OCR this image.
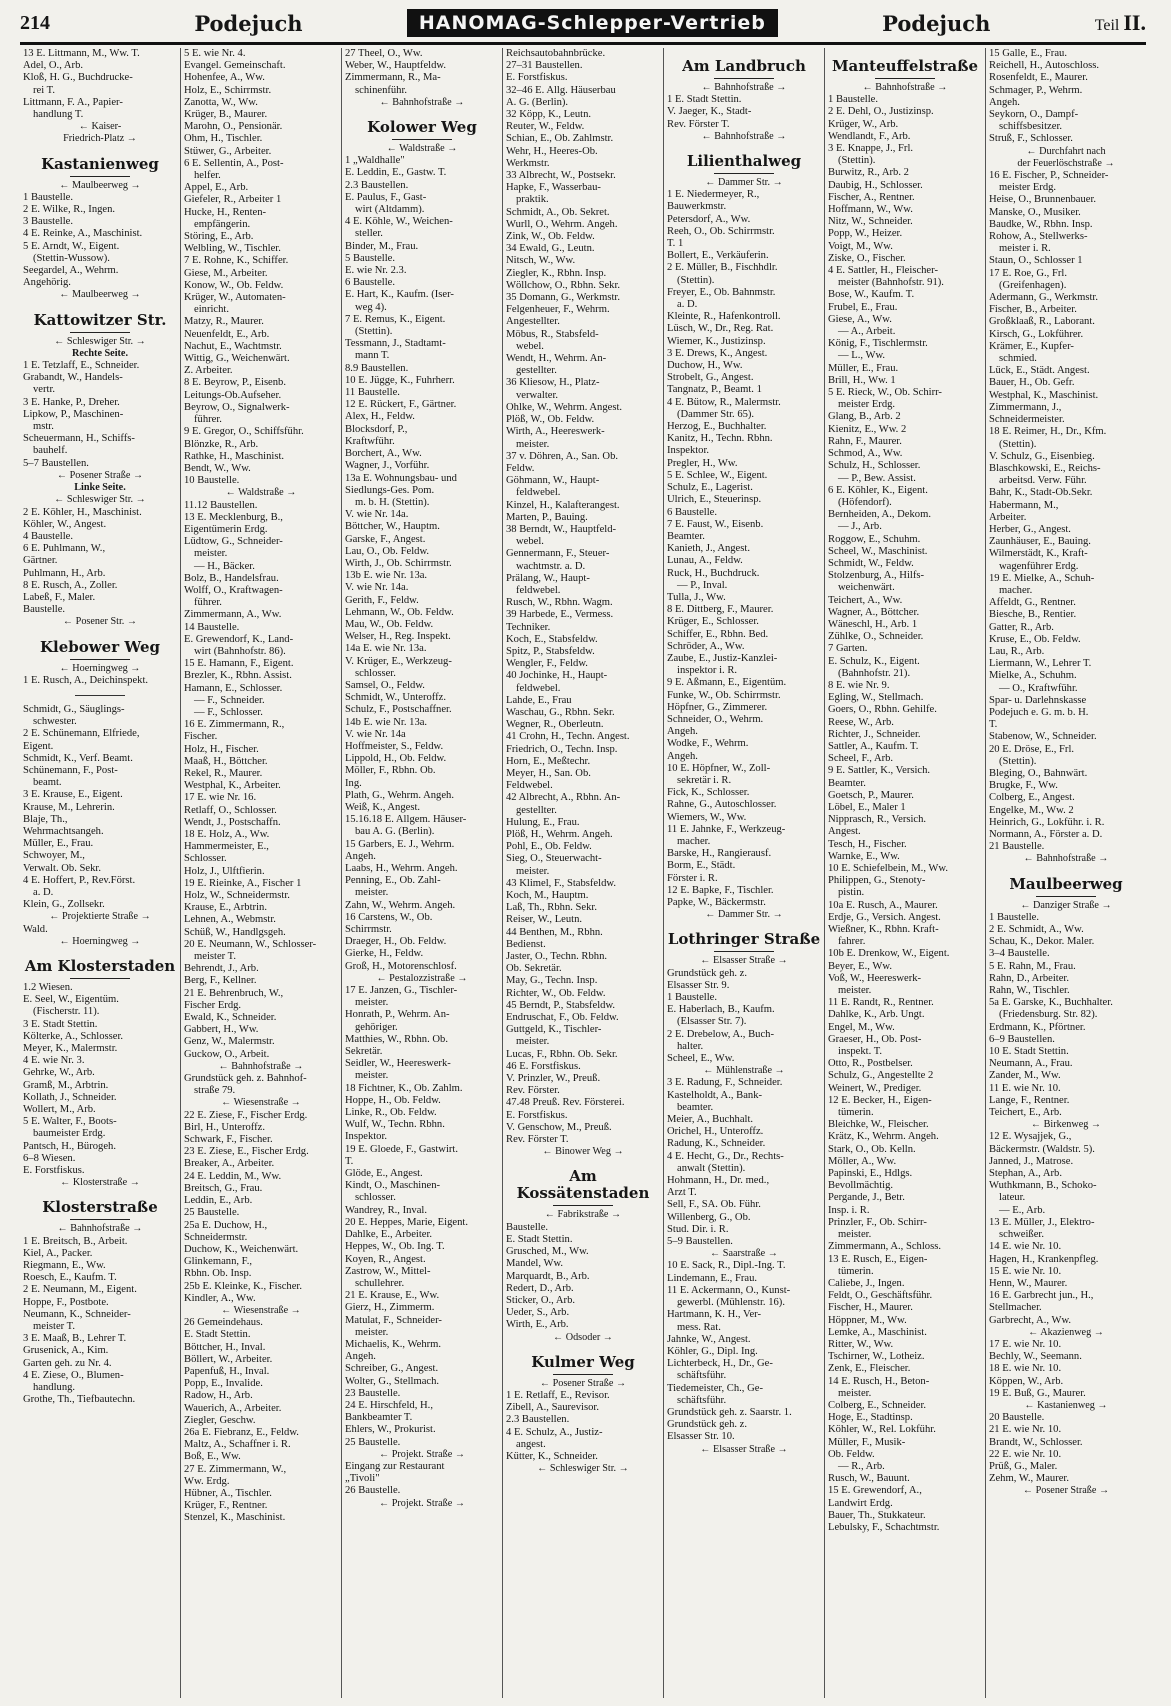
214	Podejuch	HANOMAG-Schlepper-Vertrieb	Podejuch	Teil II.
13 E. Littmann, M., Ww. T.
Adel, O., Arb.
Kloß, H. G., Buchdrucke-
rei T.
Littmann, F. A., Papier-
handlung T.
← Kaiser-
Friedrich-Platz →
Kastanienweg
← Maulbeerweg →
1 Baustelle.
2 E. Wilke, R., Ingen.
3 Baustelle.
4 E. Reinke, A., Maschinist.
5 E. Arndt, W., Eigent.
(Stettin-Wussow).
Seegardel, A., Wehrm.
Angehörig.
← Maulbeerweg →
Kattowitzer Str.
← Schleswiger Str. →
Rechte Seite.
1 E. Tetzlaff, E., Schneider.
Grabandt, W., Handels-
vertr.
3 E. Hanke, P., Dreher.
Lipkow, P., Maschinen-
mstr.
Scheuermann, H., Schiffs-
bauhelf.
5–7 Baustellen.
← Posener Straße →
Linke Seite.
← Schleswiger Str. →
2 E. Köhler, H., Maschinist.
Köhler, W., Angest.
4 Baustelle.
6 E. Puhlmann, W.,
Gärtner.
Puhlmann, H., Arb.
8 E. Rusch, A., Zoller.
Labeß, F., Maler.
Baustelle.
← Posener Str. →
Klebower Weg
← Hoerningweg →
1 E. Rusch, A., Deichinspekt.
Schmidt, G., Säuglings-
schwester.
2 E. Schünemann, Elfriede,
Eigent.
Schmidt, K., Verf. Beamt.
Schünemann, F., Post-
beamt.
3 E. Krause, E., Eigent.
Krause, M., Lehrerin.
Blaje, Th.,
Wehrmachtsangeh.
Müller, E., Frau.
Schwoyer, M.,
Verwalt. Ob. Sekr.
4 E. Hoffert, P., Rev.Först.
a. D.
Klein, G., Zollsekr.
← Projektierte Straße →
Wald.
← Hoerningweg →
Am Klosterstaden
1.2 Wiesen.
E. Seel, W., Eigentüm.
(Fischerstr. 11).
3 E. Stadt Stettin.
Költerke, A., Schlosser.
Meyer, K., Malermstr.
4 E. wie Nr. 3.
Gehrke, W., Arb.
Gramß, M., Arbtrin.
Kollath, J., Schneider.
Wollert, M., Arb.
5 E. Walter, F., Boots-
baumeister Erdg.
Pantsch, H., Bürogeh.
6–8 Wiesen.
E. Forstfiskus.
← Klosterstraße →
Klosterstraße
← Bahnhofstraße →
1 E. Breitsch, B., Arbeit.
Kiel, A., Packer.
Riegmann, E., Ww.
Roesch, E., Kaufm. T.
2 E. Neumann, M., Eigent.
Hoppe, F., Postbote.
Neumann, K., Schneider-
meister T.
3 E. Maaß, B., Lehrer T.
Grusenick, A., Kim.
Garten geh. zu Nr. 4.
4 E. Ziese, O., Blumen-
handlung.
Grothe, Th., Tiefbautechn.
5 E. wie Nr. 4.
Evangel. Gemeinschaft.
Hohenfee, A., Ww.
Holz, E., Schirrmstr.
Zanotta, W., Ww.
Krüger, B., Maurer.
Marohn, O., Pensionär.
Ohm, H., Tischler.
Stüwer, G., Arbeiter.
6 E. Sellentin, A., Post-
helfer.
Appel, E., Arb.
Giefeler, R., Arbeiter 1
Hucke, H., Renten-
empfängerin.
Störing, E., Arb.
Welbling, W., Tischler.
7 E. Rohne, K., Schiffer.
Giese, M., Arbeiter.
Konow, W., Ob. Feldw.
Krüger, W., Automaten-
einricht.
Matzy, R., Maurer.
Neuenfeldt, E., Arb.
Nachut, E., Wachtmstr.
Wittig, G., Weichenwärt.
Z. Arbeiter.
8 E. Beyrow, P., Eisenb.
Leitungs-Ob.Aufseher.
Beyrow, O., Signalwerk-
führer.
9 E. Gregor, O., Schiffsführ.
Blönzke, R., Arb.
Rathke, H., Maschinist.
Bendt, W., Ww.
10 Baustelle.
← Waldstraße →
11.12 Baustellen.
13 E. Mecklenburg, B.,
Eigentümerin Erdg.
Lüdtow, G., Schneider-
meister.
— H., Bäcker.
Bolz, B., Handelsfrau.
Wolff, O., Kraftwagen-
führer.
Zimmermann, A., Ww.
14 Baustelle.
E. Grewendorf, K., Land-
wirt (Bahnhofstr. 86).
15 E. Hamann, F., Eigent.
Brezler, K., Rbhn. Assist.
Hamann, E., Schlosser.
— F., Schneider.
— F., Schlosser.
16 E. Zimmermann, R.,
Fischer.
Holz, H., Fischer.
Maaß, H., Böttcher.
Rekel, R., Maurer.
Westphal, K., Arbeiter.
17 E. wie Nr. 16.
Retlaff, O., Schlosser.
Wendt, J., Postschaffn.
18 E. Holz, A., Ww.
Hammermeister, E.,
Schlosser.
Holz, J., Ulftfierin.
19 E. Rieinke, A., Fischer 1
Holz, W., Schneidermstr.
Krause, E., Arbtrin.
Lehnen, A., Webmstr.
Schüß, W., Handlgsgeh.
20 E. Neumann, W., Schlosser-
meister T.
Behrendt, J., Arb.
Berg, F., Kellner.
21 E. Behrenbruch, W.,
Fischer Erdg.
Ewald, K., Schneider.
Gabbert, H., Ww.
Genz, W., Malermstr.
Guckow, O., Arbeit.
← Bahnhofstraße →
Grundstück geh. z. Bahnhof-
straße 79.
← Wiesenstraße →
22 E. Ziese, F., Fischer Erdg.
Birl, H., Unteroffz.
Schwark, F., Fischer.
23 E. Ziese, E., Fischer Erdg.
Breaker, A., Arbeiter.
24 E. Leddin, M., Ww.
Breitsch, G., Frau.
Leddin, E., Arb.
25 Baustelle.
25a E. Duchow, H.,
Schneidermstr.
Duchow, K., Weichenwärt.
Glinkemann, F.,
Rbhn. Ob. Insp.
25b E. Kleinke, K., Fischer.
Kindler, A., Ww.
← Wiesenstraße →
26 Gemeindehaus.
E. Stadt Stettin.
Böttcher, H., Inval.
Böllert, W., Arbeiter.
Papenfuß, H., Inval.
Popp, E., Invalide.
Radow, H., Arb.
Wauerich, A., Arbeiter.
Ziegler, Geschw.
26a E. Fiebranz, E., Feldw.
Maltz, A., Schaffner i. R.
Boß, E., Ww.
27 E. Zimmermann, W.,
Ww. Erdg.
Hübner, A., Tischler.
Krüger, F., Rentner.
Stenzel, K., Maschinist.
27 Theel, O., Ww.
Weber, W., Hauptfeldw.
Zimmermann, R., Ma-
schinenführ.
← Bahnhofstraße →
Kolower Weg
← Waldstraße →
1 „Waldhalle"
E. Leddin, E., Gastw. T.
2.3 Baustellen.
E. Paulus, F., Gast-
wirt (Altdamm).
4 E. Köhle, W., Weichen-
steller.
Binder, M., Frau.
5 Baustelle.
E. wie Nr. 2.3.
6 Baustelle.
E. Hart, K., Kaufm. (Iser-
weg 4).
7 E. Remus, K., Eigent.
(Stettin).
Tessmann, J., Stadtamt-
mann T.
8.9 Baustellen.
10 E. Jügge, K., Fuhrherr.
11 Baustelle.
12 E. Rückert, F., Gärtner.
Alex, H., Feldw.
Blocksdorf, P.,
Kraftwführ.
Borchert, A., Ww.
Wagner, J., Vorführ.
13a E. Wohnungsbau- und
Siedlungs-Ges. Pom.
m. b. H. (Stettin).
V. wie Nr. 14a.
Böttcher, W., Hauptm.
Garske, F., Angest.
Lau, O., Ob. Feldw.
Wirth, J., Ob. Schirrmstr.
13b E. wie Nr. 13a.
V. wie Nr. 14a.
Gerith, F., Feldw.
Lehmann, W., Ob. Feldw.
Mau, W., Ob. Feldw.
Welser, H., Reg. Inspekt.
14a E. wie Nr. 13a.
V. Krüger, E., Werkzeug-
schlosser.
Samsel, O., Feldw.
Schmidt, W., Unteroffz.
Schulz, F., Postschaffner.
14b E. wie Nr. 13a.
V. wie Nr. 14a
Hoffmeister, S., Feldw.
Lippold, H., Ob. Feldw.
Möller, F., Rbhn. Ob.
Ing.
Plath, G., Wehrm. Angeh.
Weiß, K., Angest.
15.16.18 E. Allgem. Häuser-
bau A. G. (Berlin).
15 Garbers, E. J., Wehrm.
Angeh.
Laabs, H., Wehrm. Angeh.
Penning, E., Ob. Zahl-
meister.
Zahn, W., Wehrm. Angeh.
16 Carstens, W., Ob.
Schirrmstr.
Draeger, H., Ob. Feldw.
Gierke, H., Feldw.
Groß, H., Motorenschlosf.
← Pestalozzistraße →
17 E. Janzen, G., Tischler-
meister.
Honrath, P., Wehrm. An-
gehöriger.
Matthies, W., Rbhn. Ob.
Sekretär.
Seidler, W., Heereswerk-
meister.
18 Fichtner, K., Ob. Zahlm.
Hoppe, H., Ob. Feldw.
Linke, R., Ob. Feldw.
Wulf, W., Techn. Rbhn.
Inspektor.
19 E. Gloede, F., Gastwirt.
T.
Glöde, E., Angest.
Kindt, O., Maschinen-
schlosser.
Wandrey, R., Inval.
20 E. Heppes, Marie, Eigent.
Dahlke, E., Arbeiter.
Heppes, W., Ob. Ing. T.
Koyen, R., Angest.
Zastrow, W., Mittel-
schullehrer.
21 E. Krause, E., Ww.
Gierz, H., Zimmerm.
Matulat, F., Schneider-
meister.
Michaelis, K., Wehrm.
Angeh.
Schreiber, G., Angest.
Wolter, G., Stellmach.
23 Baustelle.
24 E. Hirschfeld, H.,
Bankbeamter T.
Ehlers, W., Prokurist.
25 Baustelle.
← Projekt. Straße →
Eingang zur Restaurant
„Tivoli"
26 Baustelle.
← Projekt. Straße →
Reichsautobahnbrücke.
27–31 Baustellen.
E. Forstfiskus.
32–46 E. Allg. Häuserbau
A. G. (Berlin).
32 Köpp, K., Leutn.
Reuter, W., Feldw.
Schian, E., Ob. Zahlmstr.
Wehr, H., Heeres-Ob.
Werkmstr.
33 Albrecht, W., Postsekr.
Hapke, F., Wasserbau-
praktik.
Schmidt, A., Ob. Sekret.
Wurll, O., Wehrm. Angeh.
Zink, W., Ob. Feldw.
34 Ewald, G., Leutn.
Nitsch, W., Ww.
Ziegler, K., Rbhn. Insp.
Wöllchow, O., Rbhn. Sekr.
35 Domann, G., Werkmstr.
Felgenheuer, F., Wehrm.
Angestellter.
Möbus, R., Stabsfeld-
webel.
Wendt, H., Wehrm. An-
gestellter.
36 Kliesow, H., Platz-
verwalter.
Ohlke, W., Wehrm. Angest.
Plöß, W., Ob. Feldw.
Wirth, A., Heereswerk-
meister.
37 v. Döhren, A., San. Ob.
Feldw.
Göhmann, W., Haupt-
feldwebel.
Kinzel, H., Kalafterangest.
Marten, P., Bauing.
38 Berndt, W., Hauptfeld-
webel.
Gennermann, F., Steuer-
wachtmstr. a. D.
Prälang, W., Haupt-
feldwebel.
Rusch, W., Rbhn. Wagm.
39 Harbede, E., Vermess.
Techniker.
Koch, E., Stabsfeldw.
Spitz, P., Stabsfeldw.
Wengler, F., Feldw.
40 Jochinke, H., Haupt-
feldwebel.
Lahde, E., Frau
Waschau, G., Rbhn. Sekr.
Wegner, R., Oberleutn.
41 Crohn, H., Techn. Angest.
Friedrich, O., Techn. Insp.
Horn, E., Meßtechr.
Meyer, H., San. Ob.
Feldwebel.
42 Albrecht, A., Rbhn. An-
gestellter.
Hulung, E., Frau.
Plöß, H., Wehrm. Angeh.
Pohl, E., Ob. Feldw.
Sieg, O., Steuerwacht-
meister.
43 Klimel, F., Stabsfeldw.
Koch, M., Hauptm.
Laß, Th., Rbhn. Sekr.
Reiser, W., Leutn.
44 Benthen, M., Rbhn.
Bedienst.
Jaster, O., Techn. Rbhn.
Ob. Sekretär.
May, G., Techn. Insp.
Richter, W., Ob. Feldw.
45 Berndt, P., Stabsfeldw.
Endruschat, F., Ob. Feldw.
Guttgeld, K., Tischler-
meister.
Lucas, F., Rbhn. Ob. Sekr.
46 E. Forstfiskus.
V. Prinzler, W., Preuß.
Rev. Förster.
47.48 Preuß. Rev. Försterei.
E. Forstfiskus.
V. Genschow, M., Preuß.
Rev. Förster T.
← Binower Weg →
Am Kossätenstaden
← Fabrikstraße →
Baustelle.
E. Stadt Stettin.
Grusched, M., Ww.
Mandel, Ww.
Marquardt, B., Arb.
Redert, D., Arb.
Sticker, O., Arb.
Ueder, S., Arb.
Wirth, E., Arb.
← Odsoder →
Kulmer Weg
← Posener Straße →
1 E. Retlaff, E., Revisor.
Zibell, A., Saurevisor.
2.3 Baustellen.
4 E. Schulz, A., Justiz-
angest.
Kütter, K., Schneider.
← Schleswiger Str. →
Am Landbruch
← Bahnhofstraße →
1 E. Stadt Stettin.
V. Jaeger, K., Stadt-
Rev. Förster T.
← Bahnhofstraße →
Lilienthalweg
← Dammer Str. →
1 E. Niedermeyer, R.,
Bauwerkmstr.
Petersdorf, A., Ww.
Reeh, O., Ob. Schirrmstr.
T. 1
Bollert, E., Verkäuferin.
2 E. Müller, B., Fischhdlr.
(Stettin).
Freyer, E., Ob. Bahnmstr.
a. D.
Kleinte, R., Hafenkontroll.
Lüsch, W., Dr., Reg. Rat.
Wiemer, K., Justizinsp.
3 E. Drews, K., Angest.
Duchow, H., Ww.
Strobelt, G., Angest.
Tangnatz, P., Beamt. 1
4 E. Bütow, R., Malermstr.
(Dammer Str. 65).
Herzog, E., Buchhalter.
Kanitz, H., Techn. Rbhn.
Inspektor.
Pregler, H., Ww.
5 E. Schlee, W., Eigent.
Schulz, E., Lagerist.
Ulrich, E., Steuerinsp.
6 Baustelle.
7 E. Faust, W., Eisenb.
Beamter.
Kanieth, J., Angest.
Lunau, A., Feldw.
Ruck, H., Buchdruck.
— P., Inval.
Tulla, J., Ww.
8 E. Dittberg, F., Maurer.
Krüger, E., Schlosser.
Schiffer, E., Rbhn. Bed.
Schröder, A., Ww.
Zaube, E., Justiz-Kanzlei-
inspektor i. R.
9 E. Aßmann, E., Eigentüm.
Funke, W., Ob. Schirrmstr.
Höpfner, G., Zimmerer.
Schneider, O., Wehrm.
Angeh.
Wodke, F., Wehrm.
Angeh.
10 E. Höpfner, W., Zoll-
sekretär i. R.
Fick, K., Schlosser.
Rahne, G., Autoschlosser.
Wiemers, W., Ww.
11 E. Jahnke, F., Werkzeug-
macher.
Barske, H., Rangierausf.
Borm, E., Städt.
Förster i. R.
12 E. Bapke, F., Tischler.
Papke, W., Bäckermstr.
← Dammer Str. →
Lothringer Straße
← Elsasser Straße →
Grundstück geh. z.
Elsasser Str. 9.
1 Baustelle.
E. Haberlach, B., Kaufm.
(Elsasser Str. 7).
2 E. Drebelow, A., Buch-
halter.
Scheel, E., Ww.
← Mühlenstraße →
3 E. Radung, F., Schneider.
Kastelholdt, A., Bank-
beamter.
Meier, A., Buchhalt.
Orichel, H., Unteroffz.
Radung, K., Schneider.
4 E. Hecht, G., Dr., Rechts-
anwalt (Stettin).
Hohmann, H., Dr. med.,
Arzt T.
Sell, F., SA. Ob. Führ.
Willenberg, G., Ob.
Stud. Dir. i. R.
5–9 Baustellen.
← Saarstraße →
10 E. Sack, R., Dipl.-Ing. T.
Lindemann, E., Frau.
11 E. Ackermann, O., Kunst-
gewerbl. (Mühlenstr. 16).
Hartmann, K. H., Ver-
mess. Rat.
Jahnke, W., Angest.
Köhler, G., Dipl. Ing.
Lichterbeck, H., Dr., Ge-
schäftsführ.
Tiedemeister, Ch., Ge-
schäftsführ.
Grundstück geh. z. Saarstr. 1.
Grundstück geh. z.
Elsasser Str. 10.
← Elsasser Straße →
Manteuffelstraße
← Bahnhofstraße →
1 Baustelle.
2 E. Dehl, O., Justizinsp.
Krüger, W., Arb.
Wendlandt, F., Arb.
3 E. Knappe, J., Frl.
(Stettin).
Burwitz, R., Arb. 2
Daubig, H., Schlosser.
Fischer, A., Rentner.
Hoffmann, W., Ww.
Nitz, W., Schneider.
Popp, W., Heizer.
Voigt, M., Ww.
Ziske, O., Fischer.
4 E. Sattler, H., Fleischer-
meister (Bahnhofstr. 91).
Bose, W., Kaufm. T.
Frubel, E., Frau.
Giese, A., Ww.
— A., Arbeit.
König, F., Tischlermstr.
— L., Ww.
Müller, E., Frau.
Brill, H., Ww. 1
5 E. Rieck, W., Ob. Schirr-
meister Erdg.
Glang, B., Arb. 2
Kienitz, E., Ww. 2
Rahn, F., Maurer.
Schmod, A., Ww.
Schulz, H., Schlosser.
— P., Bew. Assist.
6 E. Köhler, K., Eigent.
(Höfendorf).
Bernheiden, A., Dekom.
— J., Arb.
Roggow, E., Schuhm.
Scheel, W., Maschinist.
Schmidt, W., Feldw.
Stolzenburg, A., Hilfs-
weichenwärt.
Teichert, A., Ww.
Wagner, A., Böttcher.
Wäneschl, H., Arb. 1
Zühlke, O., Schneider.
7 Garten.
E. Schulz, K., Eigent.
(Bahnhofstr. 21).
8 E. wie Nr. 9.
Egling, W., Stellmach.
Goers, O., Rbhn. Gehilfe.
Reese, W., Arb.
Richter, J., Schneider.
Sattler, A., Kaufm. T.
Scheel, F., Arb.
9 E. Sattler, K., Versich.
Beamter.
Goetsch, P., Maurer.
Löbel, E., Maler 1
Nipprasch, R., Versich.
Angest.
Tesch, H., Fischer.
Warnke, E., Ww.
10 E. Schiefelbein, M., Ww.
Philippen, G., Stenoty-
pistin.
10a E. Rusch, A., Maurer.
Erdje, G., Versich. Angest.
Wießner, K., Rbhn. Kraft-
fahrer.
10b E. Drenkow, W., Eigent.
Beyer, E., Ww.
Voß, W., Heereswerk-
meister.
11 E. Randt, R., Rentner.
Dahlke, K., Arb. Ungt.
Engel, M., Ww.
Graeser, H., Ob. Post-
inspekt. T.
Otto, R., Postbelser.
Schulz, G., Angestellte 2
Weinert, W., Prediger.
12 E. Becker, H., Eigen-
tümerin.
Bleichke, W., Fleischer.
Krätz, K., Wehrm. Angeh.
Stark, O., Ob. Kelln.
Möller, A., Ww.
Papinski, E., Hdlgs.
Bevollmächtig.
Pergande, J., Betr.
Insp. i. R.
Prinzler, F., Ob. Schirr-
meister.
Zimmermann, A., Schloss.
13 E. Rusch, E., Eigen-
tümerin.
Caliebe, J., Ingen.
Feldt, O., Geschäftsführ.
Fischer, H., Maurer.
Höppner, M., Ww.
Lemke, A., Maschinist.
Ritter, W., Ww.
Tschirner, W., Lotheiz.
Zenk, E., Fleischer.
14 E. Rusch, H., Beton-
meister.
Colberg, E., Schneider.
Hoge, E., Stadtinsp.
Köhler, W., Rel. Lokführ.
Müller, F., Musik-
Ob. Feldw.
— R., Arb.
Rusch, W., Bauunt.
15 E. Grewendorf, A.,
Landwirt Erdg.
Bauer, Th., Stukkateur.
Lebulsky, F., Schachtmstr.
15 Galle, E., Frau.
Reichell, H., Autoschloss.
Rosenfeldt, E., Maurer.
Schmager, P., Wehrm.
Angeh.
Seykorn, O., Dampf-
schiffsbesitzer.
Struß, F., Schlosser.
← Durchfahrt nach
der Feuerlöschstraße →
16 E. Fischer, P., Schneider-
meister Erdg.
Heise, O., Brunnenbauer.
Manske, O., Musiker.
Baudke, W., Rbhn. Insp.
Rohow, A., Stellwerks-
meister i. R.
Staun, O., Schlosser 1
17 E. Roe, G., Frl.
(Greifenhagen).
Adermann, G., Werkmstr.
Fischer, B., Arbeiter.
Großklaaß, R., Laborant.
Kirsch, G., Lokführer.
Krämer, E., Kupfer-
schmied.
Lück, E., Städt. Angest.
Bauer, H., Ob. Gefr.
Westphal, K., Maschinist.
Zimmermann, J.,
Schneidermeister.
18 E. Reimer, H., Dr., Kfm.
(Stettin).
V. Schulz, G., Eisenbieg.
Blaschkowski, E., Reichs-
arbeitsd. Verw. Führ.
Bahr, K., Stadt-Ob.Sekr.
Habermann, M.,
Arbeiter.
Herber, G., Angest.
Zaunhäuser, E., Bauing.
Wilmerstädt, K., Kraft-
wagenführer Erdg.
19 E. Mielke, A., Schuh-
macher.
Affeldt, G., Rentner.
Biesche, B., Rentier.
Gatter, R., Arb.
Kruse, E., Ob. Feldw.
Lau, R., Arb.
Liermann, W., Lehrer T.
Mielke, A., Schuhm.
— O., Kraftwführ.
Spar- u. Darlehnskasse
Podejuch e. G. m. b. H.
T.
Stabenow, W., Schneider.
20 E. Dröse, E., Frl.
(Stettin).
Bleging, O., Bahnwärt.
Brugke, F., Ww.
Colberg, E., Angest.
Engelke, M., Ww. 2
Heinrich, G., Lokführ. i. R.
Normann, A., Förster a. D.
21 Baustelle.
← Bahnhofstraße →
Maulbeerweg
← Danziger Straße →
1 Baustelle.
2 E. Schmidt, A., Ww.
Schau, K., Dekor. Maler.
3–4 Baustelle.
5 E. Rahn, M., Frau.
Rahn, D., Arbeiter.
Rahn, W., Tischler.
5a E. Garske, K., Buchhalter.
(Friedensburg. Str. 82).
Erdmann, K., Pförtner.
6–9 Baustellen.
10 E. Stadt Stettin.
Neumann, A., Frau.
Zander, M., Ww.
11 E. wie Nr. 10.
Lange, F., Rentner.
Teichert, E., Arb.
← Birkenweg →
12 E. Wysajjek, G.,
Bäckermstr. (Waldstr. 5).
Janned, J., Matrose.
Stephan, A., Arb.
Wuthkmann, B., Schoko-
lateur.
— E., Arb.
13 E. Müller, J., Elektro-
schweißer.
14 E. wie Nr. 10.
Hagen, H., Krankenpfleg.
15 E. wie Nr. 10.
Henn, W., Maurer.
16 E. Garbrecht jun., H.,
Stellmacher.
Garbrecht, A., Ww.
← Akazienweg →
17 E. wie Nr. 10.
Bechly, W., Seemann.
18 E. wie Nr. 10.
Köppen, W., Arb.
19 E. Buß, G., Maurer.
← Kastanienweg →
20 Baustelle.
21 E. wie Nr. 10.
Brandt, W., Schlosser.
22 E. wie Nr. 10.
Prüß, G., Maler.
Zehm, W., Maurer.
← Posener Straße →
